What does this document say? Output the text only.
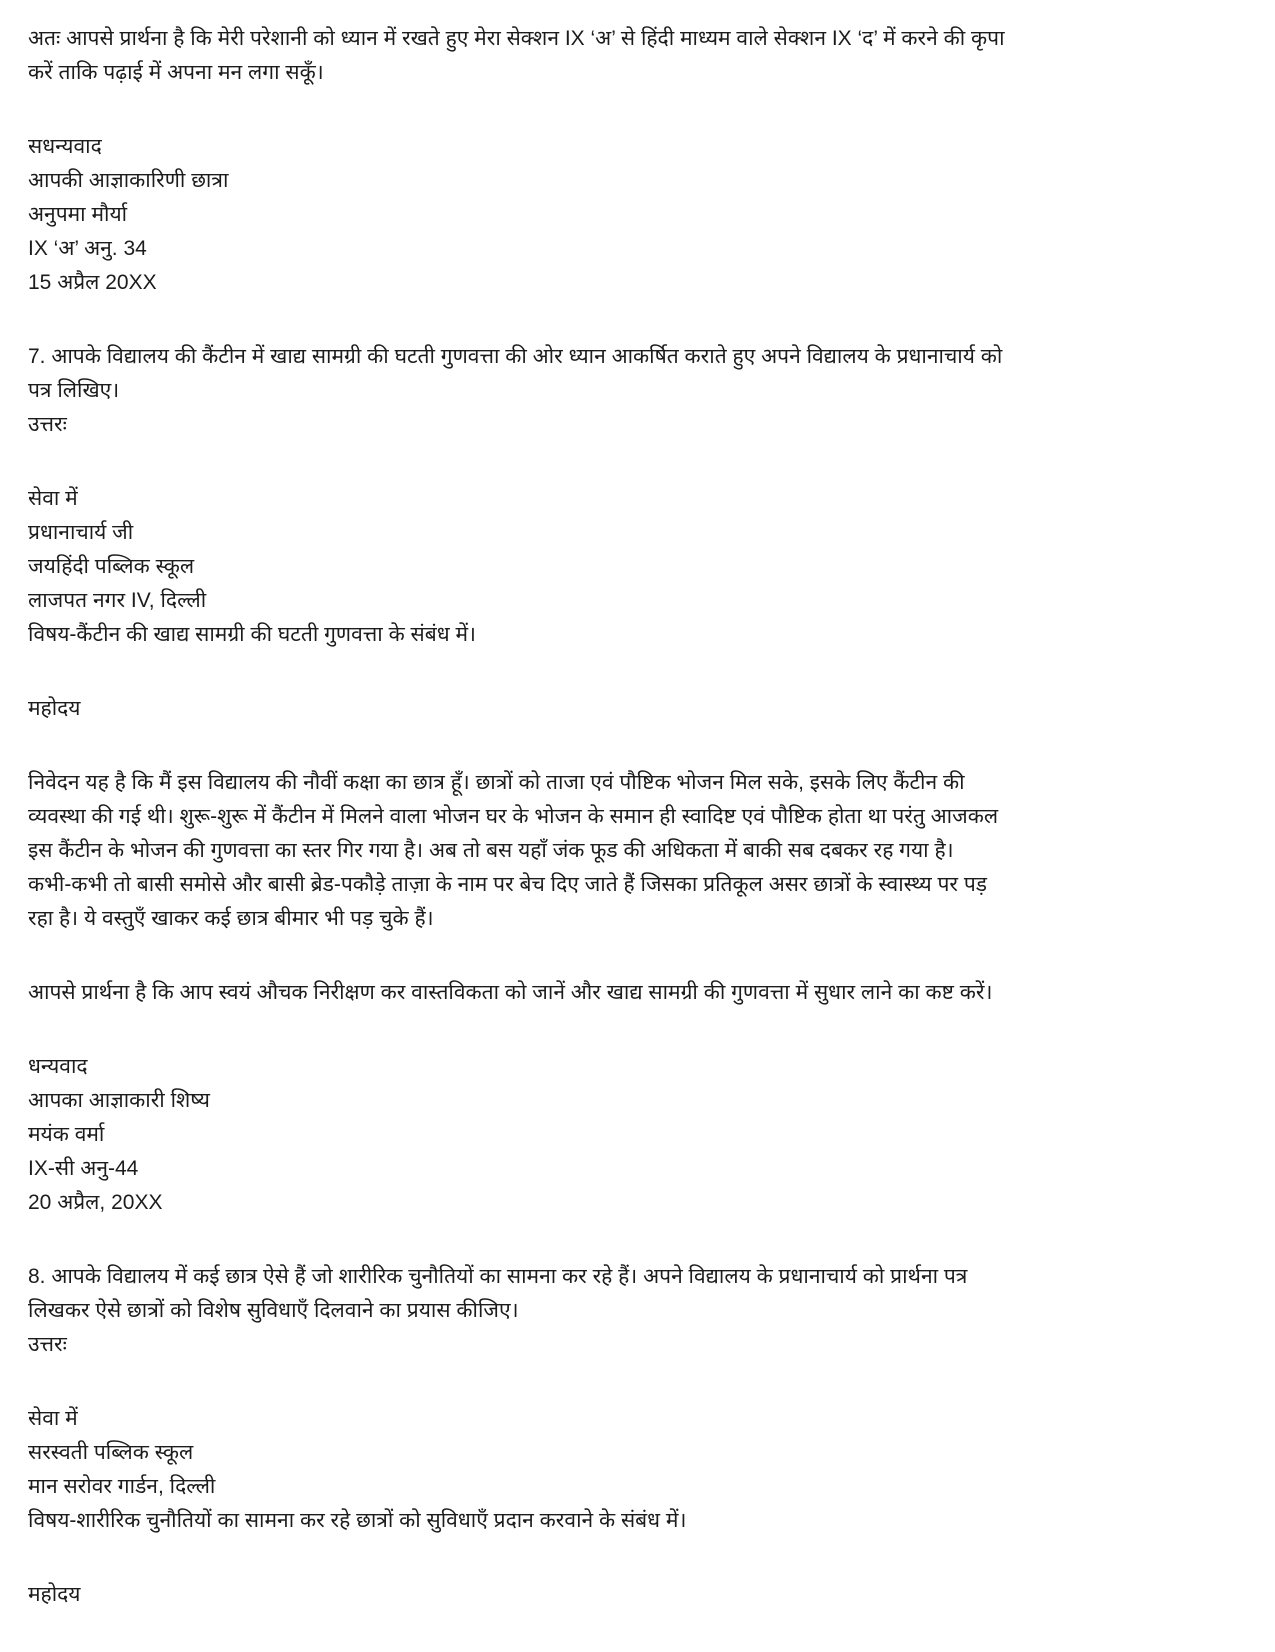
अतः आपसे प्रार्थना है कि मेरी परेशानी को ध्यान में रखते हुए मेरा सेक्शन IX ‘अ’ से हिंदी माध्यम वाले सेक्शन IX ‘द’ में करने की कृपा
करें ताकि पढ़ाई में अपना मन लगा सकूँ।

सधन्यवाद
आपकी आज्ञाकारिणी छात्रा
अनुपमा मौर्या
IX ‘अ’ अनु. 34
15 अप्रैल 20XX

7. आपके विद्यालय की कैंटीन में खाद्य सामग्री की घटती गुणवत्ता की ओर ध्यान आकर्षित कराते हुए अपने विद्यालय के प्रधानाचार्य को
पत्र लिखिए।
उत्तरः

सेवा में
प्रधानाचार्य जी
जयहिंदी पब्लिक स्कूल
लाजपत नगर IV, दिल्ली
विषय-कैंटीन की खाद्य सामग्री की घटती गुणवत्ता के संबंध में।

महोदय

निवेदन यह है कि मैं इस विद्यालय की नौवीं कक्षा का छात्र हूँ। छात्रों को ताजा एवं पौष्टिक भोजन मिल सके, इसके लिए कैंटीन की
व्यवस्था की गई थी। शुरू-शुरू में कैंटीन में मिलने वाला भोजन घर के भोजन के समान ही स्वादिष्ट एवं पौष्टिक होता था परंतु आजकल
इस कैंटीन के भोजन की गुणवत्ता का स्तर गिर गया है। अब तो बस यहाँ जंक फूड की अधिकता में बाकी सब दबकर रह गया है।
कभी-कभी तो बासी समोसे और बासी ब्रेड-पकौड़े ताज़ा के नाम पर बेच दिए जाते हैं जिसका प्रतिकूल असर छात्रों के स्वास्थ्य पर पड़
रहा है। ये वस्तुएँ खाकर कई छात्र बीमार भी पड़ चुके हैं।

आपसे प्रार्थना है कि आप स्वयं औचक निरीक्षण कर वास्तविकता को जानें और खाद्य सामग्री की गुणवत्ता में सुधार लाने का कष्ट करें।

धन्यवाद
आपका आज्ञाकारी शिष्य
मयंक वर्मा
IX-सी अनु-44
20 अप्रैल, 20XX

8. आपके विद्यालय में कई छात्र ऐसे हैं जो शारीरिक चुनौतियों का सामना कर रहे हैं। अपने विद्यालय के प्रधानाचार्य को प्रार्थना पत्र
लिखकर ऐसे छात्रों को विशेष सुविधाएँ दिलवाने का प्रयास कीजिए।
उत्तरः

सेवा में
सरस्वती पब्लिक स्कूल
मान सरोवर गार्डन, दिल्ली
विषय-शारीरिक चुनौतियों का सामना कर रहे छात्रों को सुविधाएँ प्रदान करवाने के संबंध में।

महोदय
